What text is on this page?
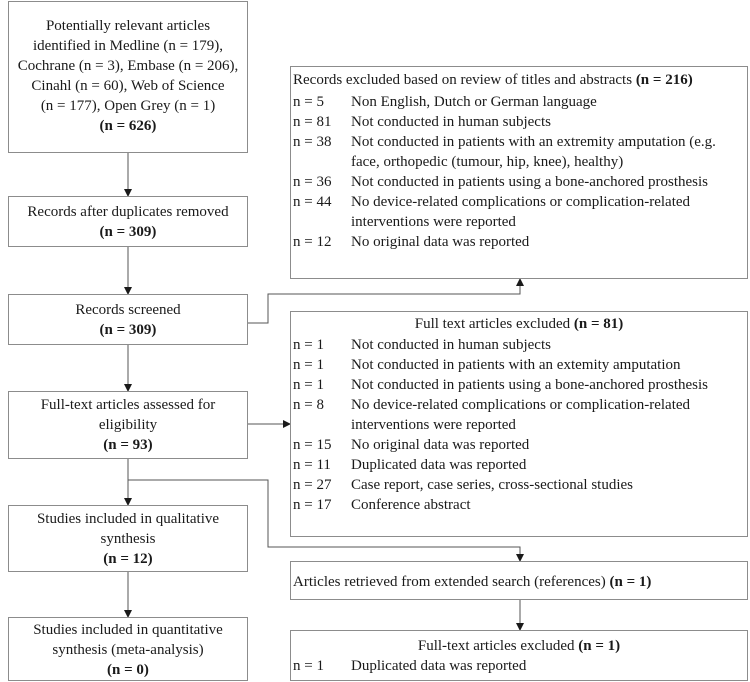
Potentially relevant articles
identified in Medline (n = 179),
Cochrane (n = 3), Embase (n = 206),
Cinahl (n = 60), Web of Science
(n = 177), Open Grey (n = 1)
(n = 626)
Records after duplicates removed
(n = 309)
Records screened
(n = 309)
Full-text articles assessed for
eligibility
(n = 93)
Studies included in qualitative
synthesis
(n = 12)
Studies included in quantitative
synthesis (meta-analysis)
(n = 0)
Records excluded based on review of titles and abstracts (n = 216)
n = 5	Non English, Dutch or German language
n = 81	Not conducted in human subjects
n = 38	Not conducted in patients with an extremity amputation (e.g. face, orthopedic (tumour, hip, knee), healthy)
n = 36	Not conducted in patients using a bone-anchored prosthesis
n = 44	No device-related complications or complication-related interventions were reported
n = 12	No original data was reported
Full text articles excluded (n = 81)
n = 1	Not conducted in human subjects
n = 1	Not conducted in patients with an extemity amputation
n = 1	Not conducted in patients using a bone-anchored prosthesis
n = 8	No device-related complications or complication-related interventions were reported
n = 15	No original data was reported
n = 11	Duplicated data was reported
n = 27	Case report, case series, cross-sectional studies
n = 17	Conference abstract
Articles retrieved from extended search (references) (n = 1)
Full-text articles excluded (n = 1)
n = 1	Duplicated data was reported
